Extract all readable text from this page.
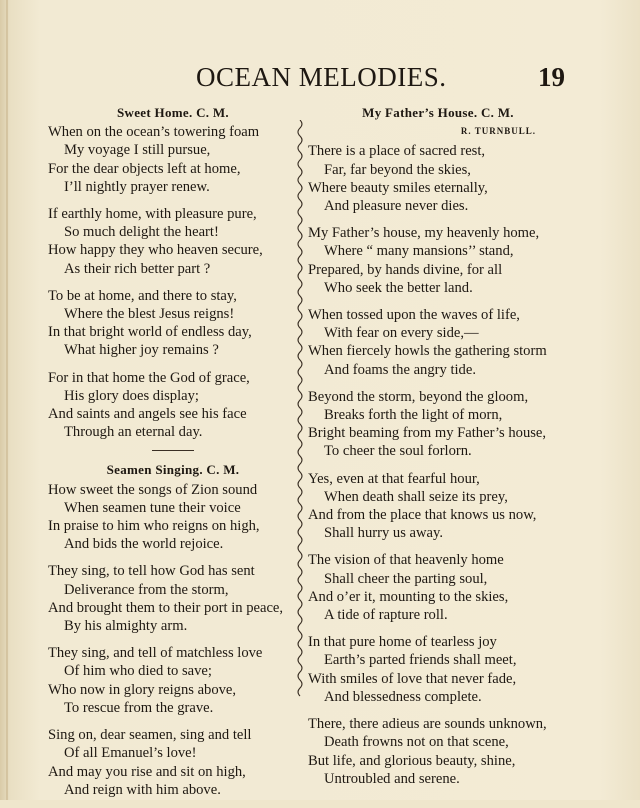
OCEAN MELODIES.	19
Sweet Home. C. M.
When on the ocean’s towering foam
My voyage I still pursue,
For the dear objects left at home,
I’ll nightly prayer renew.
If earthly home, with pleasure pure,
So much delight the heart!
How happy they who heaven secure,
As their rich better part ?
To be at home, and there to stay,
Where the blest Jesus reigns!
In that bright world of endless day,
What higher joy remains ?
For in that home the God of grace,
His glory does display;
And saints and angels see his face
Through an eternal day.
Seamen Singing. C. M.
How sweet the songs of Zion sound
When seamen tune their voice
In praise to him who reigns on high,
And bids the world rejoice.
They sing, to tell how God has sent
Deliverance from the storm,
And brought them to their port in peace,
By his almighty arm.
They sing, and tell of matchless love
Of him who died to save;
Who now in glory reigns above,
To rescue from the grave.
Sing on, dear seamen, sing and tell
Of all Emanuel’s love!
And may you rise and sit on high,
And reign with him above.
My Father’s House. C. M.
R. TURNBULL.
There is a place of sacred rest,
Far, far beyond the skies,
Where beauty smiles eternally,
And pleasure never dies.
My Father’s house, my heavenly home,
Where “ many mansions’’ stand,
Prepared, by hands divine, for all
Who seek the better land.
When tossed upon the waves of life,
With fear on every side,—
When fiercely howls the gathering storm
And foams the angry tide.
Beyond the storm, beyond the gloom,
Breaks forth the light of morn,
Bright beaming from my Father’s house,
To cheer the soul forlorn.
Yes, even at that fearful hour,
When death shall seize its prey,
And from the place that knows us now,
Shall hurry us away.
The vision of that heavenly home
Shall cheer the parting soul,
And o’er it, mounting to the skies,
A tide of rapture roll.
In that pure home of tearless joy
Earth’s parted friends shall meet,
With smiles of love that never fade,
And blessedness complete.
There, there adieus are sounds unknown,
Death frowns not on that scene,
But life, and glorious beauty, shine,
Untroubled and serene.
